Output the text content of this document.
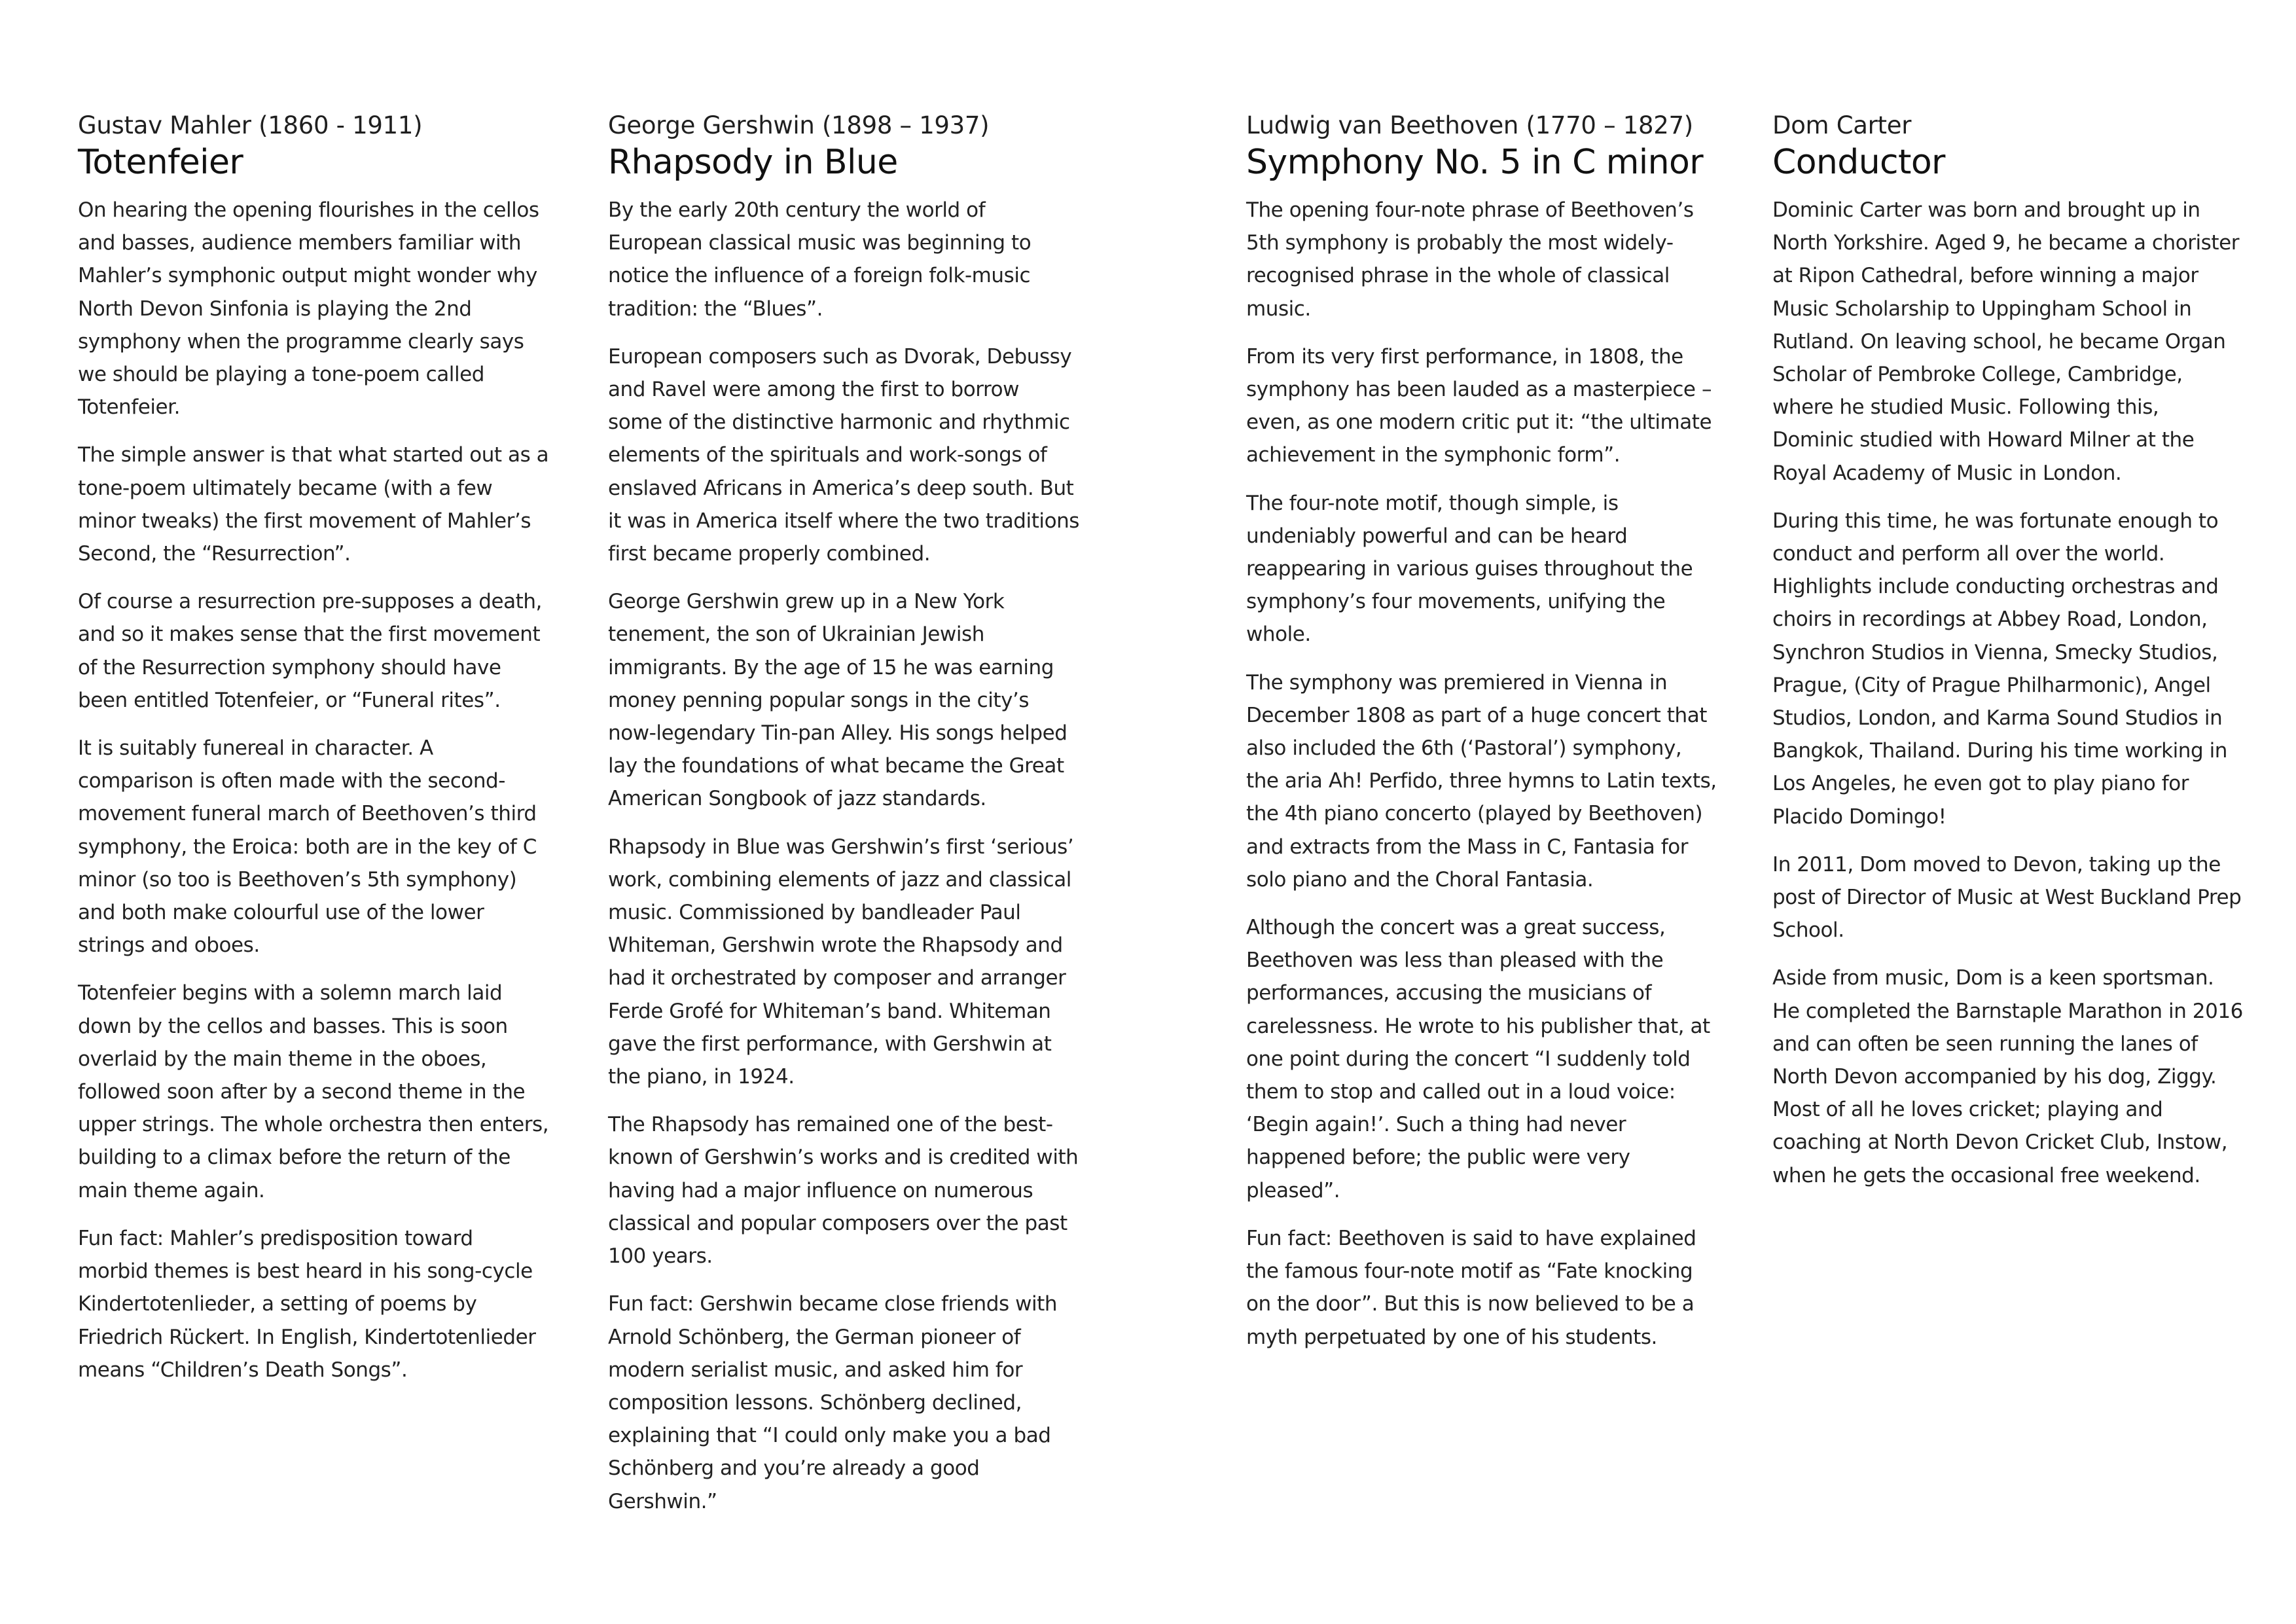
Gustav Mahler (1860 - 1911)

Totenfeier

On hearing the opening flourishes in the cellos and basses, audience members familiar with Mahler’s symphonic output might wonder why North Devon Sinfonia is playing the 2nd symphony when the programme clearly says we should be playing a tone-poem called Totenfeier.

The simple answer is that what started out as a tone-poem ultimately became (with a few minor tweaks) the first movement of Mahler’s Second, the “Resurrection”.

Of course a resurrection pre-supposes a death, and so it makes sense that the first movement of the Resurrection symphony should have been entitled Totenfeier, or “Funeral rites”.

It is suitably funereal in character. A comparison is often made with the second-movement funeral march of Beethoven’s third symphony, the Eroica: both are in the key of C minor (so too is Beethoven’s 5th symphony) and both make colourful use of the lower strings and oboes.

Totenfeier begins with a solemn march laid down by the cellos and basses. This is soon overlaid by the main theme in the oboes, followed soon after by a second theme in the upper strings. The whole orchestra then enters, building to a climax before the return of the main theme again.

Fun fact: Mahler’s predisposition toward morbid themes is best heard in his song-cycle Kindertotenlieder, a setting of poems by Friedrich Rückert. In English, Kindertotenlieder means “Children’s Death Songs”.

George Gershwin (1898 – 1937)

Rhapsody in Blue

By the early 20th century the world of European classical music was beginning to notice the influence of a foreign folk-music tradition: the “Blues”.

European composers such as Dvorak, Debussy and Ravel were among the first to borrow some of the distinctive harmonic and rhythmic elements of the spirituals and work-songs of enslaved Africans in America’s deep south. But it was in America itself where the two traditions first became properly combined.

George Gershwin grew up in a New York tenement, the son of Ukrainian Jewish immigrants. By the age of 15 he was earning money penning popular songs in the city’s now-legendary Tin-pan Alley. His songs helped lay the foundations of what became the Great American Songbook of jazz standards.

Rhapsody in Blue was Gershwin’s first ‘serious’ work, combining elements of jazz and classical music. Commissioned by bandleader Paul Whiteman, Gershwin wrote the Rhapsody and had it orchestrated by composer and arranger Ferde Grofé for Whiteman’s band. Whiteman gave the first performance, with Gershwin at the piano, in 1924.

The Rhapsody has remained one of the best-known of Gershwin’s works and is credited with having had a major influence on numerous classical and popular composers over the past 100 years.

Fun fact: Gershwin became close friends with Arnold Schönberg, the German pioneer of modern serialist music, and asked him for composition lessons. Schönberg declined, explaining that “I could only make you a bad Schönberg and you’re already a good Gershwin.”

Ludwig van Beethoven (1770 – 1827)

Symphony No. 5 in C minor

The opening four-note phrase of Beethoven’s 5th symphony is probably the most widely-recognised phrase in the whole of classical music.

From its very first performance, in 1808, the symphony has been lauded as a masterpiece – even, as one modern critic put it: “the ultimate achievement in the symphonic form”.

The four-note motif, though simple, is undeniably powerful and can be heard reappearing in various guises throughout the symphony’s four movements, unifying the whole.

The symphony was premiered in Vienna in December 1808 as part of a huge concert that also included the 6th (‘Pastoral’) symphony, the aria Ah! Perfido, three hymns to Latin texts, the 4th piano concerto (played by Beethoven) and extracts from the Mass in C, Fantasia for solo piano and the Choral Fantasia.

Although the concert was a great success, Beethoven was less than pleased with the performances, accusing the musicians of carelessness. He wrote to his publisher that, at one point during the concert “I suddenly told them to stop and called out in a loud voice: ‘Begin again!’. Such a thing had never happened before; the public were very pleased”.

Fun fact: Beethoven is said to have explained the famous four-note motif as “Fate knocking on the door”. But this is now believed to be a myth perpetuated by one of his students.

Dom Carter

Conductor

Dominic Carter was born and brought up in North Yorkshire. Aged 9, he became a chorister at Ripon Cathedral, before winning a major Music Scholarship to Uppingham School in Rutland. On leaving school, he became Organ Scholar of Pembroke College, Cambridge, where he studied Music. Following this, Dominic studied with Howard Milner at the Royal Academy of Music in London.

During this time, he was fortunate enough to conduct and perform all over the world. Highlights include conducting orchestras and choirs in recordings at Abbey Road, London, Synchron Studios in Vienna, Smecky Studios, Prague, (City of Prague Philharmonic), Angel Studios, London, and Karma Sound Studios in Bangkok, Thailand. During his time working in Los Angeles, he even got to play piano for Placido Domingo!

In 2011, Dom moved to Devon, taking up the post of Director of Music at West Buckland Prep School.

Aside from music, Dom is a keen sportsman. He completed the Barnstaple Marathon in 2016 and can often be seen running the lanes of North Devon accompanied by his dog, Ziggy. Most of all he loves cricket; playing and coaching at North Devon Cricket Club, Instow, when he gets the occasional free weekend.
